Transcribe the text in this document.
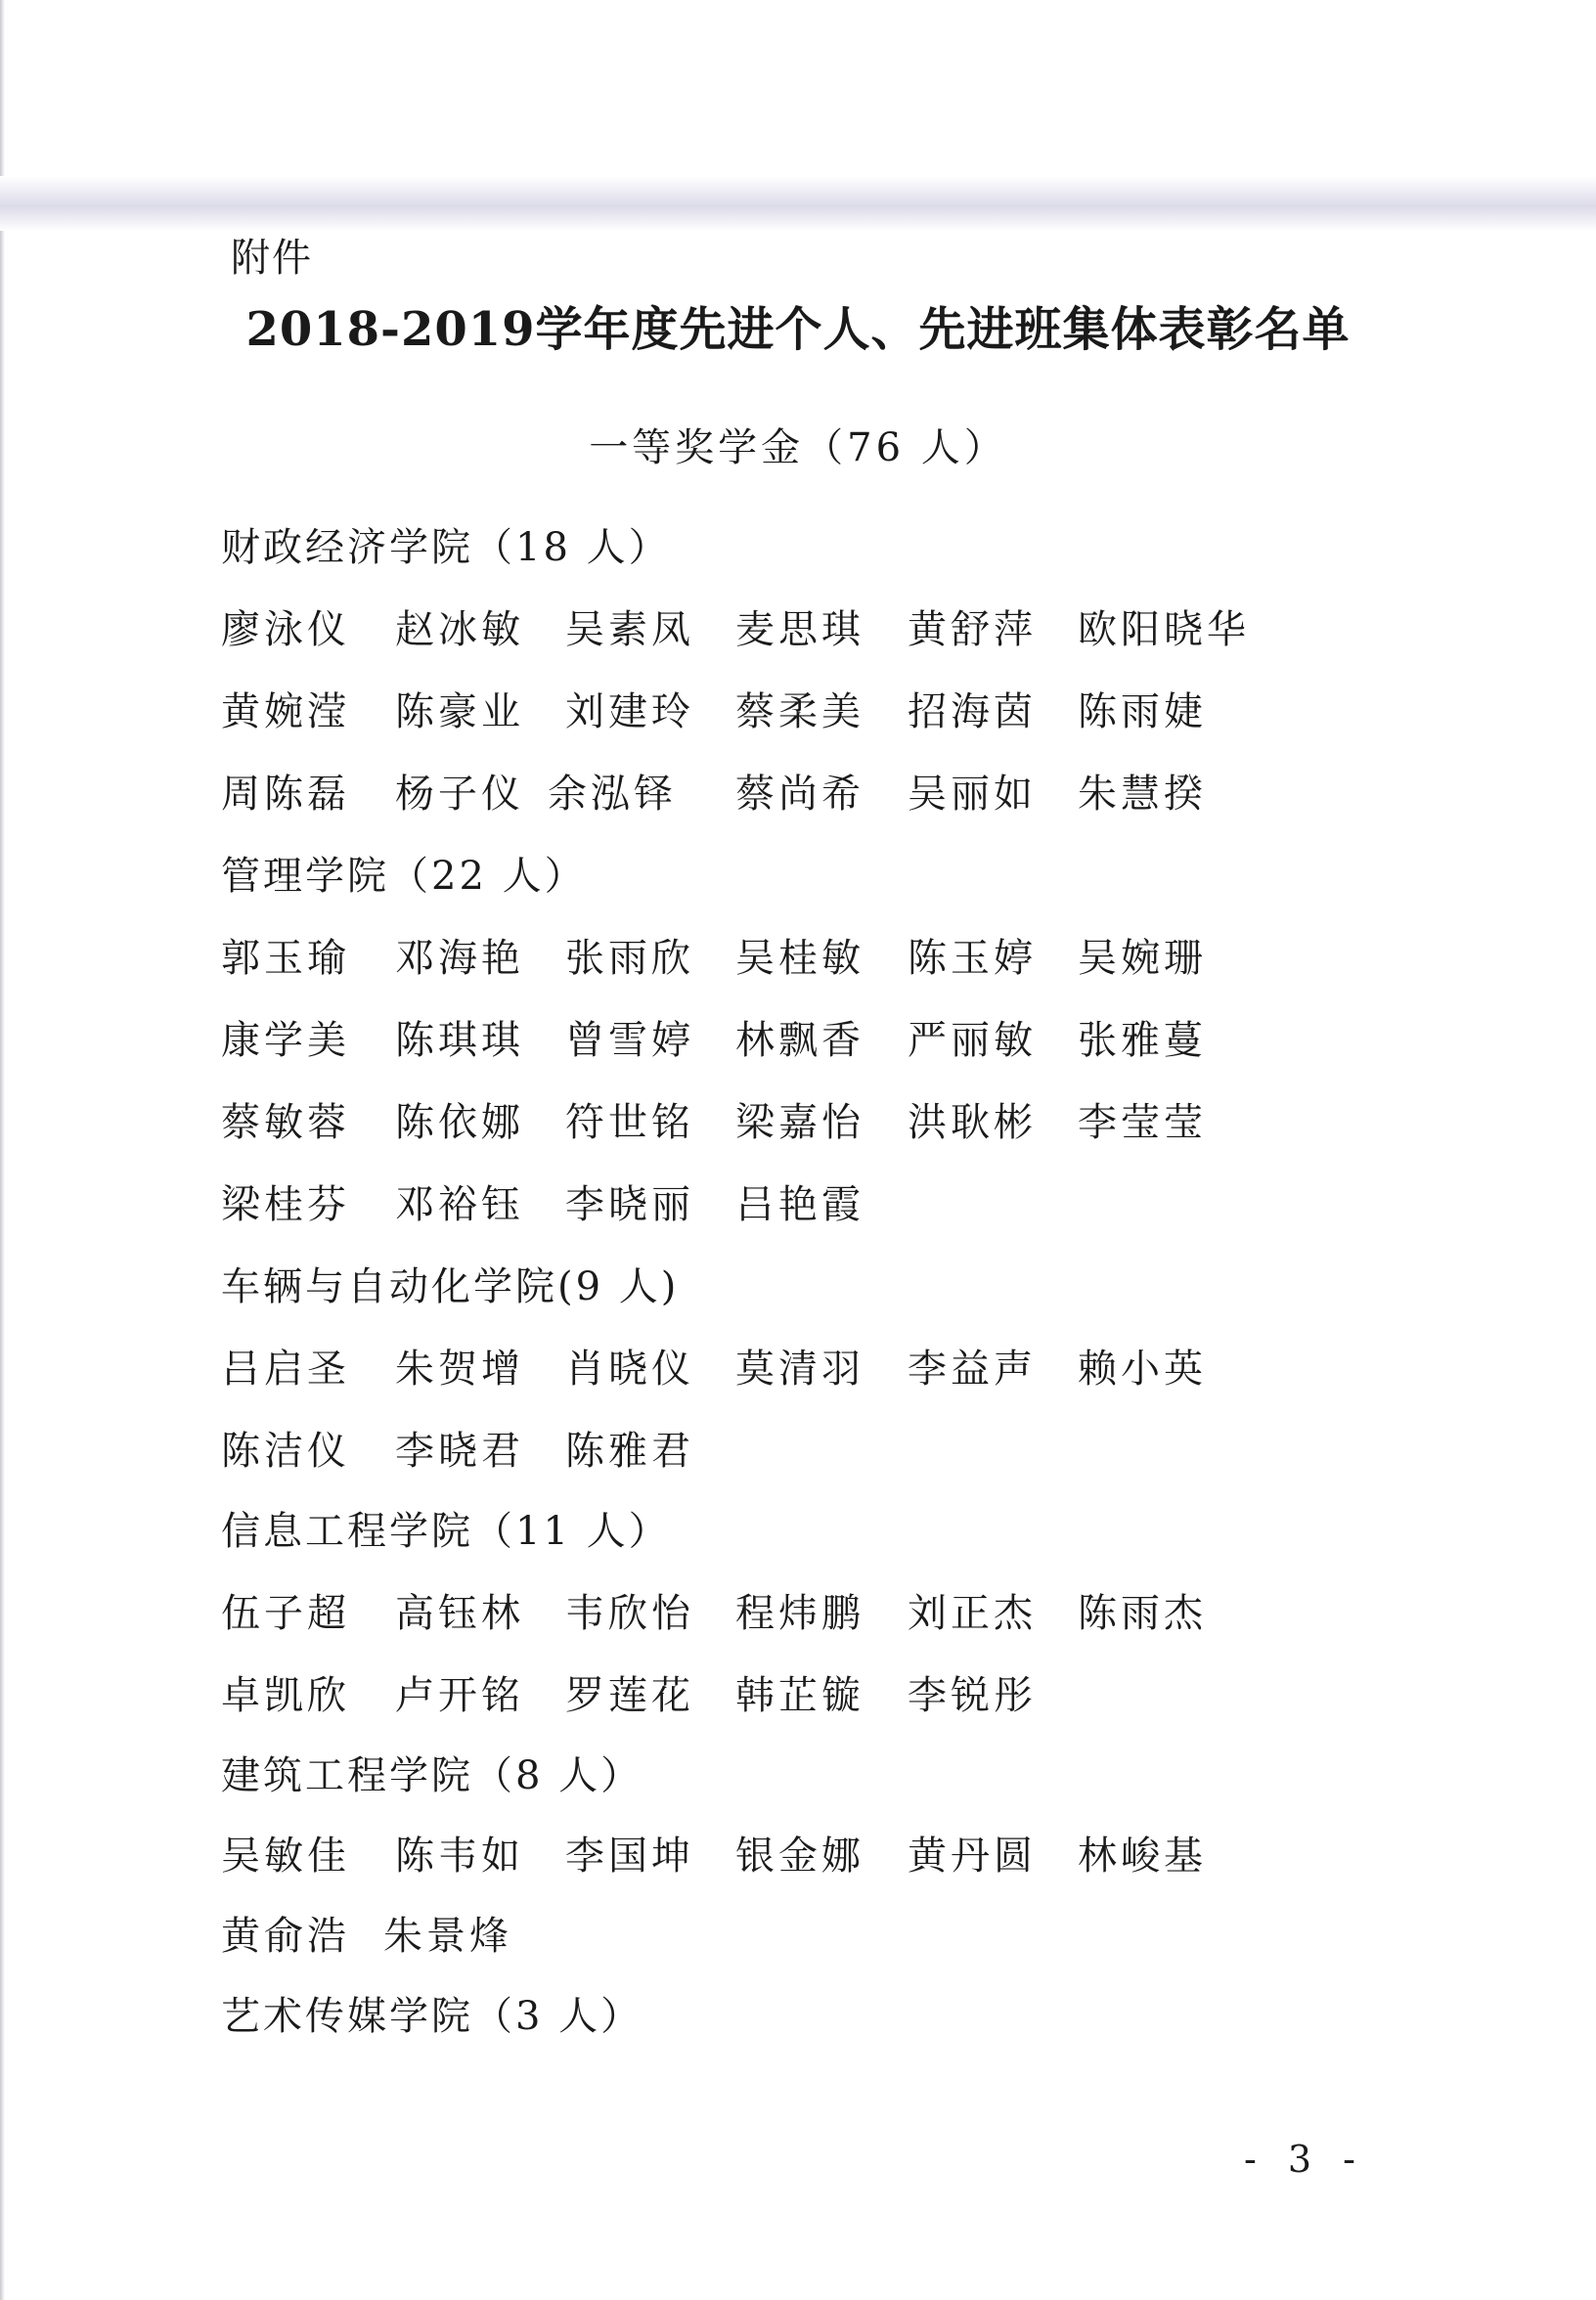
附件
2018-2019学年度先进个人、先进班集体表彰名单
一等奖学金（76 人）
财政经济学院（18 人）
廖泳仪 赵冰敏 吴素凤 麦思琪 黄舒萍 欧阳晓华
黄婉滢 陈豪业 刘建玲 蔡柔美 招海茵 陈雨婕
周陈磊 杨子仪 余泓铎 蔡尚希 吴丽如 朱慧揆
管理学院（22 人）
郭玉瑜 邓海艳 张雨欣 吴桂敏 陈玉婷 吴婉珊
康学美 陈琪琪 曾雪婷 林飘香 严丽敏 张雅蔓
蔡敏蓉 陈依娜 符世铭 梁嘉怡 洪耿彬 李莹莹
梁桂芬 邓裕钰 李晓丽 吕艳霞
车辆与自动化学院(9 人)
吕启圣 朱贺增 肖晓仪 莫清羽 李益声 赖小英
陈洁仪 李晓君 陈雅君
信息工程学院（11 人）
伍子超 高钰林 韦欣怡 程炜鹏 刘正杰 陈雨杰
卓凯欣 卢开铭 罗莲花 韩芷镟 李锐彤
建筑工程学院（8 人）
吴敏佳 陈韦如 李国坤 银金娜 黄丹圆 林峻基
黄俞浩 朱景烽
艺术传媒学院（3 人）
- 3 -
